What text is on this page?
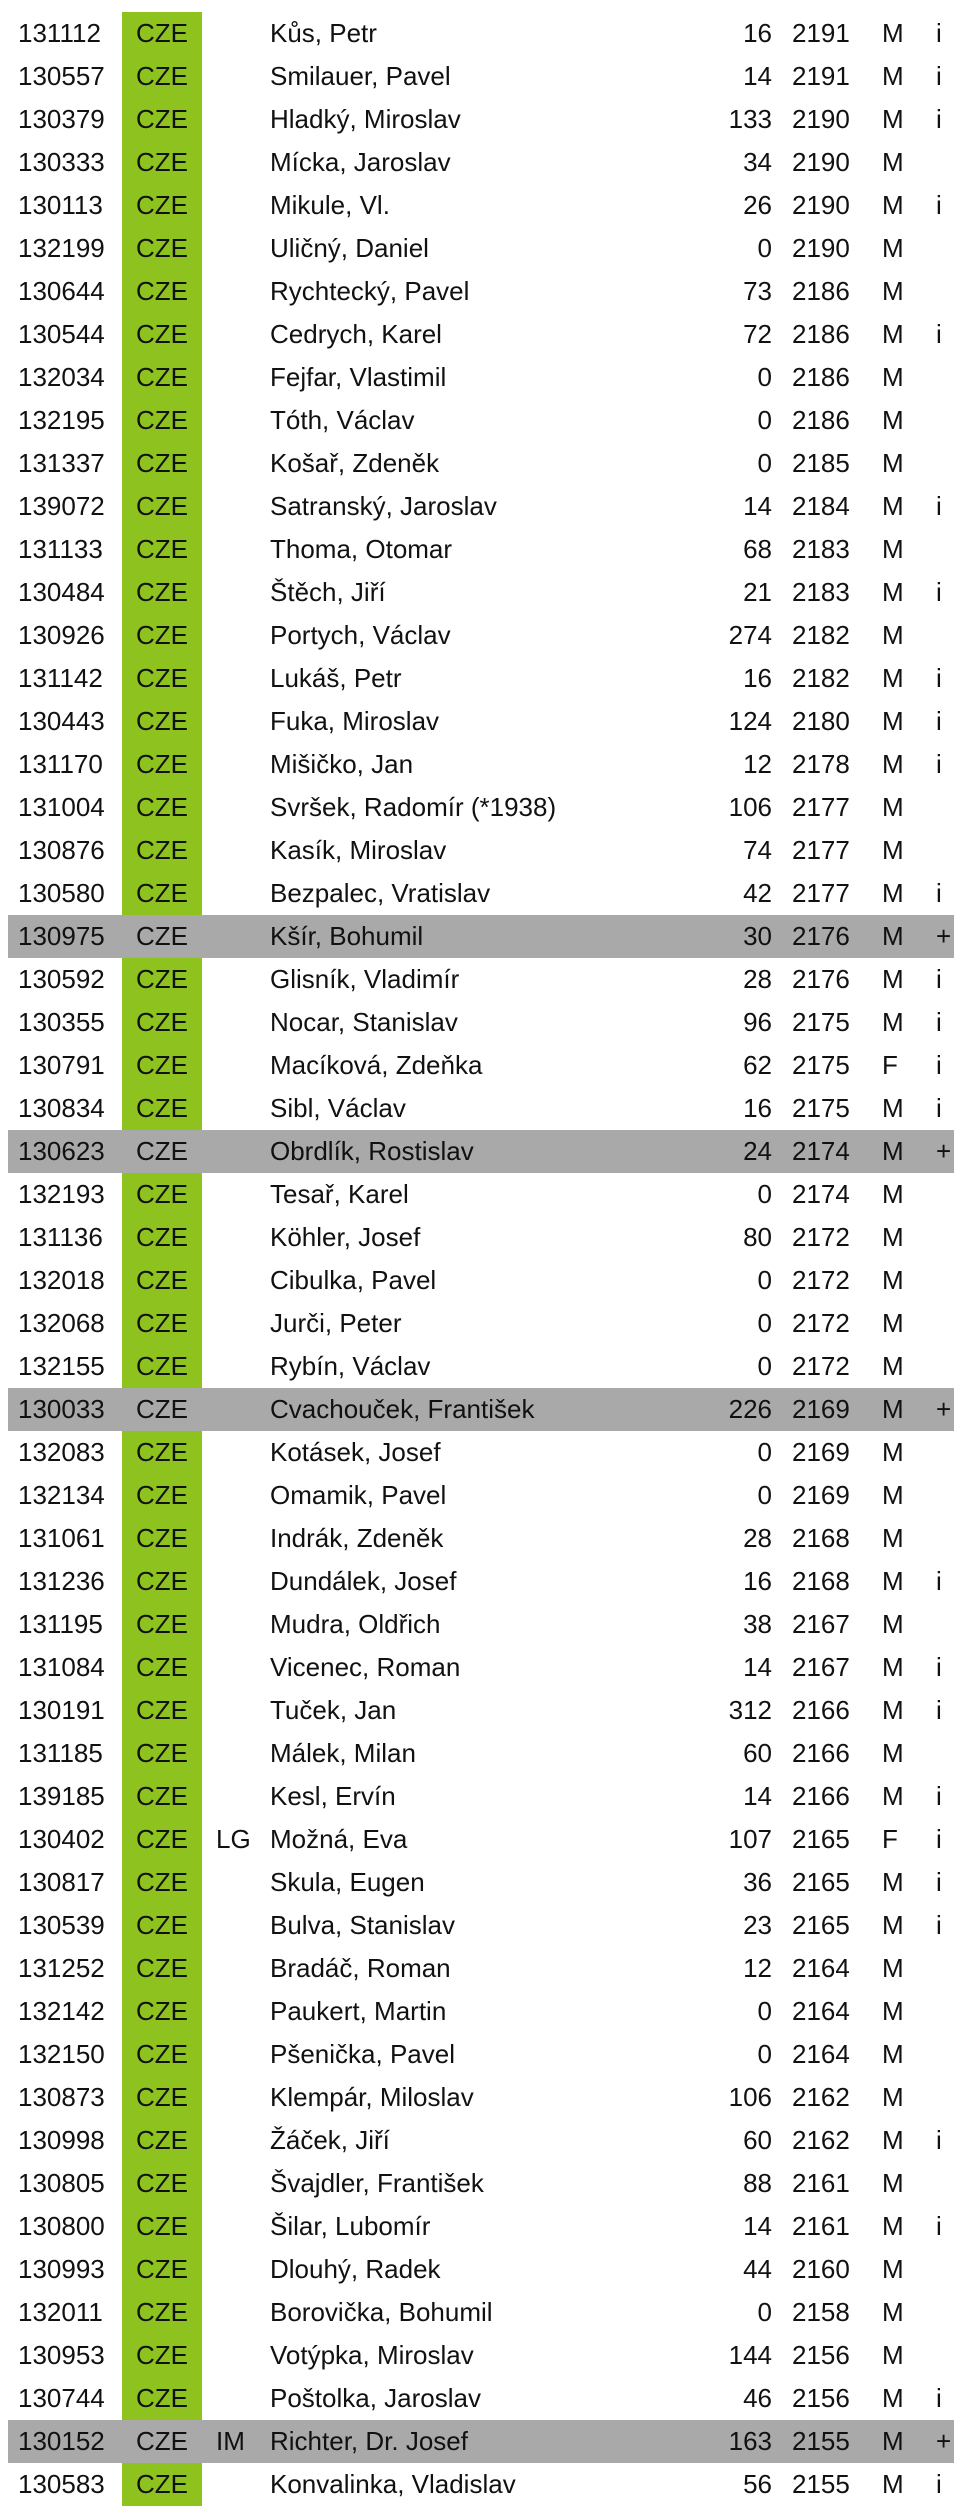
131112	CZE	Kůs, Petr	16 2191 M i
130557	CZE	Smilauer, Pavel	14 2191 M i
130379	CZE	Hladký, Miroslav	133 2190 M i
130333	CZE	Mícka, Jaroslav	34 2190 M
130113	CZE	Mikule, Vl.	26 2190 M i
132199	CZE	Uličný, Daniel	0 2190 M
130644	CZE	Rychtecký, Pavel	73 2186 M
130544	CZE	Cedrych, Karel	72 2186 M i
132034	CZE	Fejfar, Vlastimil	0 2186 M
132195	CZE	Tóth, Václav	0 2186 M
131337	CZE	Košař, Zdeněk	0 2185 M
139072	CZE	Satranský, Jaroslav	14 2184 M i
131133	CZE	Thoma, Otomar	68 2183 M
130484	CZE	Štěch, Jiří	21 2183 M i
130926	CZE	Portych, Václav	274 2182 M
131142	CZE	Lukáš, Petr	16 2182 M i
130443	CZE	Fuka, Miroslav	124 2180 M i
131170	CZE	Mišičko, Jan	12 2178 M i
131004	CZE	Svršek, Radomír (*1938)	106 2177 M
130876	CZE	Kasík, Miroslav	74 2177 M
130580	CZE	Bezpalec, Vratislav	42 2177 M i
130975	CZE	Kšír, Bohumil	30 2176 M +
130592	CZE	Glisník, Vladimír	28 2176 M i
130355	CZE	Nocar, Stanislav	96 2175 M i
130791	CZE	Macíková, Zdeňka	62 2175 F i
130834	CZE	Sibl, Václav	16 2175 M i
130623	CZE	Obrdlík, Rostislav	24 2174 M +
132193	CZE	Tesař, Karel	0 2174 M
131136	CZE	Köhler, Josef	80 2172 M
132018	CZE	Cibulka, Pavel	0 2172 M
132068	CZE	Jurči, Peter	0 2172 M
132155	CZE	Rybín, Václav	0 2172 M
130033	CZE	Cvachouček, František	226 2169 M +
132083	CZE	Kotásek, Josef	0 2169 M
132134	CZE	Omamik, Pavel	0 2169 M
131061	CZE	Indrák, Zdeněk	28 2168 M
131236	CZE	Dundálek, Josef	16 2168 M i
131195	CZE	Mudra, Oldřich	38 2167 M
131084	CZE	Vicenec, Roman	14 2167 M i
130191	CZE	Tuček, Jan	312 2166 M i
131185	CZE	Málek, Milan	60 2166 M
139185	CZE	Kesl, Ervín	14 2166 M i
130402	CZE	LG Možná, Eva	107 2165 F i
130817	CZE	Skula, Eugen	36 2165 M i
130539	CZE	Bulva, Stanislav	23 2165 M i
131252	CZE	Bradáč, Roman	12 2164 M
132142	CZE	Paukert, Martin	0 2164 M
132150	CZE	Pšenička, Pavel	0 2164 M
130873	CZE	Klempár, Miloslav	106 2162 M
130998	CZE	Žáček, Jiří	60 2162 M i
130805	CZE	Švajdler, František	88 2161 M
130800	CZE	Šilar, Lubomír	14 2161 M i
130993	CZE	Dlouhý, Radek	44 2160 M
132011	CZE	Borovička, Bohumil	0 2158 M
130953	CZE	Votýpka, Miroslav	144 2156 M
130744	CZE	Poštolka, Jaroslav	46 2156 M i
130152	CZE	IM Richter, Dr. Josef	163 2155 M +
130583	CZE	Konvalinka, Vladislav	56 2155 M i
